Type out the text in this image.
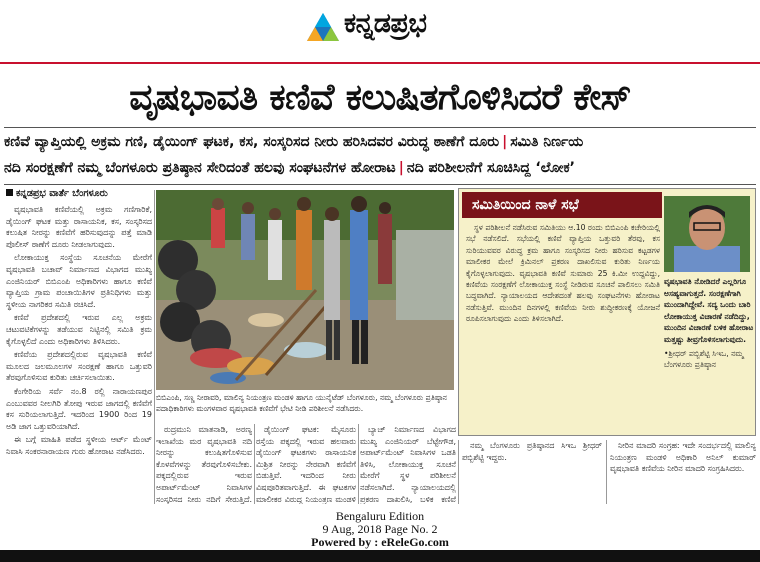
ಕನ್ನಡಪ್ರಭ
ವೃಷಭಾವತಿ ಕಣಿವೆ ಕಲುಷಿತಗೊಳಿಸಿದರೆ ಕೇಸ್
ಕಣಿವೆ ವ್ಯಾಪ್ತಿಯಲ್ಲಿ ಅಕ್ರಮ ಗಣಿ, ಡೈಯಿಂಗ್ ಘಟಕ, ಕಸ, ಸಂಸ್ಕರಿಸದ ನೀರು ಹರಿಸಿದವರ ವಿರುದ್ಧ ಠಾಣೆಗೆ ದೂರು | ಸಮಿತಿ ನಿರ್ಣಯ
ನದಿ ಸಂರಕ್ಷಣೆಗೆ ನಮ್ಮ ಬೆಂಗಳೂರು ಪ್ರತಿಷ್ಠಾನ ಸೇರಿದಂತೆ ಹಲವು ಸಂಘಟನೆಗಳ ಹೋರಾಟ | ನದಿ ಪರಿಶೀಲನೆಗೆ ಸೂಚಿಸಿದ್ದ ‘ಲೋಕ’
ಕನ್ನಡಪ್ರಭ ವಾರ್ತೆ ಬೆಂಗಳೂರು

ವೃಷಭಾವತಿ ಕಣಿವೆಯಲ್ಲಿ ಅಕ್ರಮ ಗಣಿಗಾರಿಕೆ, ಡೈಯಿಂಗ್ ಘಟಕ ಮತ್ತು ರಾಸಾಯನಿಕ, ಕಸ, ಸಂಸ್ಕರಿಸದ ಕಲುಷಿತ ನೀರನ್ನು ಕಣಿವೆಗೆ ಹರಿಸುವುದನ್ನು ಪತ್ತೆ ಮಾಡಿ ಪೊಲೀಸ್ ಠಾಣೆಗೆ ದೂರು ನೀಡಲಾಗುವುದು.

ಲೋಕಾಯುಕ್ತ ಸಂಸ್ಥೆಯ ಸೂಚನೆಯ ಮೇರೆಗೆ ವೃಷಭಾವತಿ ಬಚಾವ್ ನಿರ್ಮಾಣದ ವಿಭಾಗದ ಮುಖ್ಯ ಎಂಜಿನಿಯರ್ ಬಿಬಿಎಂಪಿ ಅಧಿಕಾರಿಗಳು ಹಾಗೂ ಕಣಿವೆ ವ್ಯಾಪ್ತಿಯ ಗ್ರಾಮ ಪಂಚಾಯಿತಿಗಳ ಪ್ರತಿನಿಧಿಗಳು ಮತ್ತು ಸ್ಥಳೀಯ ನಾಗರಿಕರ ಸಮಿತಿ ರಚಿಸಿದೆ.

ಕಣಿವೆ ಪ್ರದೇಶದಲ್ಲಿ ಇರುವ ಎಲ್ಲ ಅಕ್ರಮ ಚಟುವಟಿಕೆಗಳನ್ನು ತಡೆಯುವ ನಿಟ್ಟಿನಲ್ಲಿ ಸಮಿತಿ ಕ್ರಮ ಕೈಗೊಳ್ಳಲಿದೆ ಎಂದು ಅಧಿಕಾರಿಗಳು ತಿಳಿಸಿದರು.

ಕಣಿವೆಯ ಪ್ರದೇಶದಲ್ಲಿರುವ ವೃಷಭಾವತಿ ಕಣಿವೆ ಮೂಲದ ಜಲಮೂಲಗಳ ಸಂರಕ್ಷಣೆ ಹಾಗೂ ಒತ್ತುವರಿ ತೆರವುಗೊಳಿಸುವ ಕುರಿತು ಚರ್ಚಿಸಲಾಯಿತು.

ಕೆಂಗೇರಿಯ ಸರ್ವೆ ನಂ.8 ರಲ್ಲಿ ನಾರಾಯಣಪುರ ಎಂಬುವವರ ನೀಲಗಿರಿ ತೋಪು ಇರುವ ಜಾಗದಲ್ಲಿ ಕಣಿವೆಗೆ ಕಸ ಸುರಿಯಲಾಗುತ್ತಿದೆ. ಇದರಿಂದ 1900 ರಿಂದ 19 ಅಡಿ ಜಾಗ ಒತ್ತುವರಿಯಾಗಿದೆ.

ಈ ಬಗ್ಗೆ ಮಾಹಿತಿ ಪಡೆದ ಸ್ಥಳೀಯ ಆರ್ಟ್ ಮೆಂಟ್ ನಿವಾಸಿ ಸಂಕರನಾರಾಯಣ ಗುರು ಹೋರಾಟ ನಡೆಸಿದರು.

ಬಿಬಿಎಂಪಿ, ಸಣ್ಣ ನೀರಾವರಿ, ಮಾಲಿನ್ಯ ನಿಯಂತ್ರಣ ಮಂಡಳಿ ಹಾಗೂ ಯುನೈಟೆಡ್ ಬೆಂಗಳೂರು, ನಮ್ಮ ಬೆಂಗಳೂರು ಪ್ರತಿಷ್ಠಾನ ಪದಾಧಿಕಾರಿಗಳು ಮಂಗಳವಾರ ವೃಷಭಾವತಿ ಕಣಿವೆಗೆ ಭೇಟಿ ನೀಡಿ ಪರಿಶೀಲನೆ ನಡೆಸಿದರು.

ರುದ್ರಮುನಿ ಮಾತನಾಡಿ, ಅರಣ್ಯ ಇಲಾಖೆಯ ಮರ ವೃಷಭಾವತಿ ನದಿ ನೀರನ್ನು ಕಲುಷಿತಗೊಳಿಸುವ ಕೊಳವೆಗಳನ್ನು ತೆರವುಗೊಳಿಸಬೇಕು. ಪಕ್ಕದಲ್ಲಿರುವ ಇರುವ ಅಪಾರ್ಟ್‌ಮೆಂಟ್ ನಿವಾಸಿಗಳ ಸಂಸ್ಕರಿಸದ ನೀರು ನದಿಗೆ ಸೇರುತ್ತಿದೆ.

ಡೈಯಿಂಗ್ ಘಟಕ: ಮೈಸೂರು ರಸ್ತೆಯ ಪಕ್ಕದಲ್ಲಿ ಇರುವ ಹಲವಾರು ಡೈಯಿಂಗ್ ಘಟಕಗಳು ರಾಸಾಯನಿಕ ಮಿಶ್ರಿತ ನೀರನ್ನು ನೇರವಾಗಿ ಕಣಿವೆಗೆ ಬಿಡುತ್ತಿವೆ. ಇದರಿಂದ ನೀರು ವಿಷಪೂರಿತವಾಗುತ್ತಿದೆ. ಈ ಘಟಕಗಳ ಮಾಲೀಕರ ವಿರುದ್ಧ ನಿಯಂತ್ರಣ ಮಂಡಳಿ

ಬ್ಯಾಚ್ ನಿರ್ಮಾಣದ ವಿಭಾಗದ ಮುಖ್ಯ ಎಂಜಿನಿಯರ್ ಬೆಟ್ಟೇಗೌಡ, ಅಪಾರ್ಟ್‌ಮೆಂಟ್ ನಿವಾಸಿಗಳ ಒಡತಿ ತಿಳಿಸಿ, ಲೋಕಾಯುಕ್ತ ಸೂಚನೆ ಮೇರೆಗೆ ಸ್ಥಳ ಪರಿಶೀಲನೆ ನಡೆಸಲಾಗಿದೆ. ನ್ಯಾಯಾಲಯದಲ್ಲಿ ಪ್ರಕರಣ ದಾಖಲಿಸಿ, ಬಳಿಕ ಕಣಿವೆ

ಸಮಿತಿಯಿಂದ ನಾಳೆ ಸಭೆ

ಸ್ಥಳ ಪರಿಶೀಲನೆ ನಡೆಸಿರುವ ಸಮಿತಿಯು ಆ.10 ರಂದು ಬಿಬಿಎಂಪಿ ಕಚೇರಿಯಲ್ಲಿ ಸಭೆ ನಡೆಸಲಿದೆ. ಸಭೆಯಲ್ಲಿ ಕಣಿವೆ ವ್ಯಾಪ್ತಿಯ ಒತ್ತುವರಿ ತೆರವು, ಕಸ ಸುರಿಯುವವರ ವಿರುದ್ಧ ಕ್ರಮ ಹಾಗೂ ಸಂಸ್ಕರಿಸದ ನೀರು ಹರಿಸುವ ಕಟ್ಟಡಗಳ ಮಾಲೀಕರ ಮೇಲೆ ಕ್ರಿಮಿನಲ್ ಪ್ರಕರಣ ದಾಖಲಿಸುವ ಕುರಿತು ನಿರ್ಣಯ ಕೈಗೊಳ್ಳಲಾಗುವುದು. ವೃಷಭಾವತಿ ಕಣಿವೆ ಸುಮಾರು 25 ಕಿ.ಮೀ ಉದ್ದವಿದ್ದು, ಕಣಿವೆಯ ಸಂರಕ್ಷಣೆಗೆ ಲೋಕಾಯುಕ್ತ ಸಂಸ್ಥೆ ನೀಡಿರುವ ಸೂಚನೆ ಪಾಲಿಸಲು ಸಮಿತಿ ಬದ್ಧವಾಗಿದೆ. ನ್ಯಾಯಾಲಯದ ಆದೇಶದಂತೆ ಹಲವು ಸಂಘಟನೆಗಳು ಹೋರಾಟ ನಡೆಸುತ್ತಿವೆ. ಮುಂದಿನ ದಿನಗಳಲ್ಲಿ ಕಣಿವೆಯ ನೀರು ಶುದ್ಧೀಕರಣಕ್ಕೆ ಯೋಜನೆ ರೂಪಿಸಲಾಗುವುದು ಎಂದು ತಿಳಿಸಲಾಗಿದೆ.

ವೃಷಭಾವತಿ ನೋಡಿದರೆ ಎಲ್ಲರಿಗೂ ಅಸಹ್ಯವಾಗುತ್ತದೆ. ಸಂರಕ್ಷಣೆಗಾಗಿ ಮುಂದಾಗಿದ್ದೇವೆ. ಸದ್ಯ ಒಂದು ಬಾರಿ ಲೋಕಾಯುಕ್ತ ವಿಚಾರಣೆ ನಡೆದಿದ್ದು, ಮುಂದಿನ ವಿಚಾರಣೆ ಬಳಿಕ ಹೋರಾಟ ಮತ್ತಷ್ಟು ತೀವ್ರಗೊಳಿಸಲಾಗುವುದು.
• ಶ್ರೀಧರ್ ಪಬ್ಬಿಶೆಟ್ಟಿ ಸಿಇಒ, ನಮ್ಮ ಬೆಂಗಳೂರು ಪ್ರತಿಷ್ಠಾನ

ನಮ್ಮ ಬೆಂಗಳೂರು ಪ್ರತಿಷ್ಠಾನದ ಸಿಇಒ ಶ್ರೀಧರ್ ಪಬ್ಬಿಶೆಟ್ಟಿ ಇದ್ದರು.

ನೀರಿನ ಮಾದರಿ ಸಂಗ್ರಹ: ಇದೇ ಸಂದರ್ಭದಲ್ಲಿ ಮಾಲಿನ್ಯ ನಿಯಂತ್ರಣ ಮಂಡಳಿ ಅಧಿಕಾರಿ ಅನಿಲ್ ಕುಮಾರ್ ವೃಷಭಾವತಿ ಕಣಿವೆಯ ನೀರಿನ ಮಾದರಿ ಸಂಗ್ರಹಿಸಿದರು.

Bengaluru Edition
9 Aug, 2018 Page No. 2
Powered by : eReleGo.com
